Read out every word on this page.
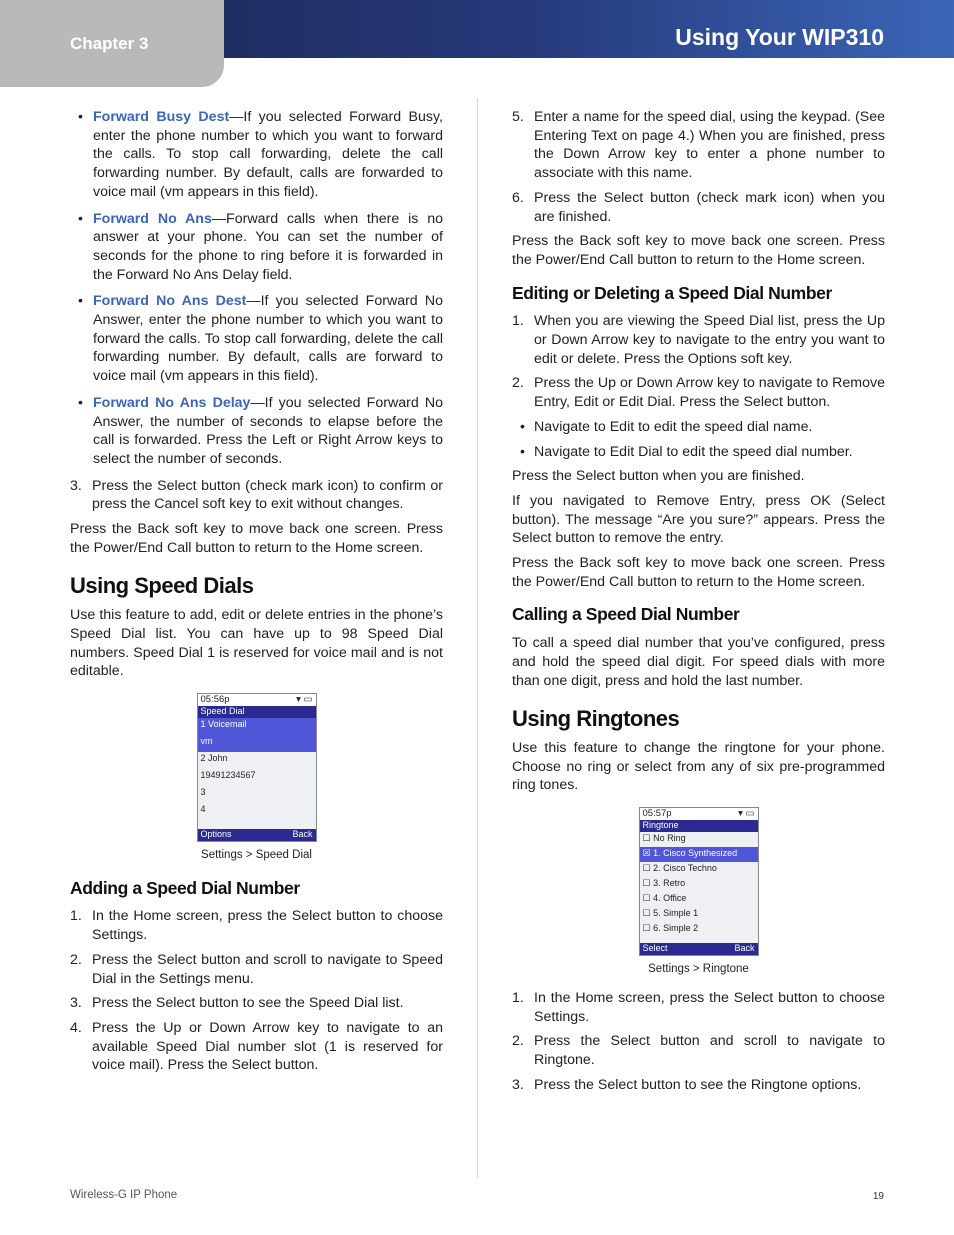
Chapter 3	Using Your WIP310
• Forward Busy Dest—If you selected Forward Busy, enter the phone number to which you want to forward the calls. To stop call forwarding, delete the call forwarding number. By default, calls are forwarded to voice mail (vm appears in this field).
• Forward No Ans—Forward calls when there is no answer at your phone. You can set the number of seconds for the phone to ring before it is forwarded in the Forward No Ans Delay field.
• Forward No Ans Dest—If you selected Forward No Answer, enter the phone number to which you want to forward the calls. To stop call forwarding, delete the call forwarding number. By default, calls are forward to voice mail (vm appears in this field).
• Forward No Ans Delay—If you selected Forward No Answer, the number of seconds to elapse before the call is forwarded. Press the Left or Right Arrow keys to select the number of seconds.
3. Press the Select button (check mark icon) to confirm or press the Cancel soft key to exit without changes.

Press the Back soft key to move back one screen. Press the Power/End Call button to return to the Home screen.

Using Speed Dials

Use this feature to add, edit or delete entries in the phone’s Speed Dial list. You can have up to 98 Speed Dial numbers. Speed Dial 1 is reserved for voice mail and is not editable.

05:56p	▾ ▭
Speed Dial
1 Voicemail
vm
2 John
19491234567
3
4
Options	Back
Settings > Speed Dial
Adding a Speed Dial Number
1. In the Home screen, press the Select button to choose Settings.
2. Press the Select button and scroll to navigate to Speed Dial in the Settings menu.
3. Press the Select button to see the Speed Dial list.
4. Press the Up or Down Arrow key to navigate to an available Speed Dial number slot (1 is reserved for voice mail). Press the Select button.
5. Enter a name for the speed dial, using the keypad. (See Entering Text on page 4.) When you are finished, press the Down Arrow key to enter a phone number to associate with this name.
6. Press the Select button (check mark icon) when you are finished.

Press the Back soft key to move back one screen. Press the Power/End Call button to return to the Home screen.

Editing or Deleting a Speed Dial Number
1. When you are viewing the Speed Dial list, press the Up or Down Arrow key to navigate to the entry you want to edit or delete. Press the Options soft key.
2. Press the Up or Down Arrow key to navigate to Remove Entry, Edit or Edit Dial. Press the Select button.
• Navigate to Edit to edit the speed dial name.
• Navigate to Edit Dial to edit the speed dial number.

Press the Select button when you are finished.

If you navigated to Remove Entry, press OK (Select button). The message “Are you sure?” appears. Press the Select button to remove the entry.

Press the Back soft key to move back one screen. Press the Power/End Call button to return to the Home screen.

Calling a Speed Dial Number

To call a speed dial number that you’ve configured, press and hold the speed dial digit. For speed dials with more than one digit, press and hold the last number.

Using Ringtones

Use this feature to change the ringtone for your phone. Choose no ring or select from any of six pre-programmed ring tones.

05:57p	▾ ▭
Ringtone
☐ No Ring
☒ 1. Cisco Synthesized
☐ 2. Cisco Techno
☐ 3. Retro
☐ 4. Office
☐ 5. Simple 1
☐ 6. Simple 2
Select	Back
Settings > Ringtone
1. In the Home screen, press the Select button to choose Settings.
2. Press the Select button and scroll to navigate to Ringtone.
3. Press the Select button to see the Ringtone options.
Wireless-G IP Phone	19
